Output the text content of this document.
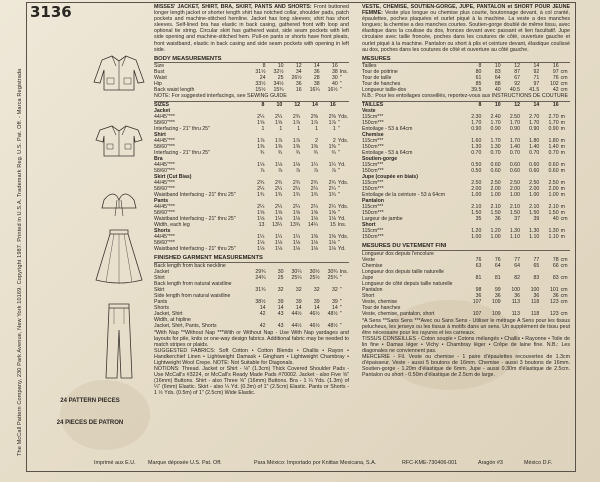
The McCall Pattern Company, 230 Park Avenue, New York 10169. Copyright 1987. Printed in U.S.A. Trademark Reg. U.S. Pat. Off. - Marca Registrada
3136	MISSES' JACKET, SHIRT, BRA, SKIRT, PANTS AND SHORTS: Front buttoned longer length jacket or shorter length shirt has notched collar, shoulder pads, patch pockets and machine-stitched hemline. Jacket has long sleeves; shirt has short sleeves. Self-lined bra has elastic in back casing, gathered front with loop and optional tie string. Circular skirt has gathered waist, side seam pockets with left side opening and machine-stitched hem. Pull-on pants or shorts have front pleats, front waistband, elastic in back casing and side seam pockets with opening in left side.

BODY MEASUREMENTS
Size	8	10	12	14	16	
Bust	31½	32½	34	36	38	Ins.
Waist	24	25	26½	28	30	"
Hip	33½	34½	36	38	40	"
Back waist length	15½	15¾	16	16¼	16½	"

NOTE: For suggested interfacings, see SEWING GUIDE

SIZES	8	10	12	14	16	
Jacket						
44/45"***	2¼	2¼	2¾	2⅜	2⅜	Yds.
58/60"***	1⅝	1⅝	1⅞	1⅞	1⅞	"
Interfacing - 21" thru 25"	1	1	1	1	1	"
Shirt						
44/45"***	1⅞	1⅞	1⅞	2	2	Yds.
58/60"***	1⅜	1⅜	1⅜	1⅜	1⅜	"
Interfacing - 21" thru 25"	¾	¾	¾	¾	¾	"
Bra						
44/45"***	1⅛	1⅛	1⅛	1¼	1¼	Yd.
58/60"***	⅞	⅞	⅞	⅞	⅞	"
Skirt (Cut Bias)						
44/45"***	2¾	2¾	2¾	2¾	2¾	Yds.
58/60"***	2¼	2¼	2¼	2¼	2¼	"
Waistband Interfacing - 21" thru 25"	1¾	1¾	1¾	1¾	1¾	"
Pants						
44/45"***	2¼	2¼	2¼	2¼	2¼	Yds.
58/60"***	1⅝	1⅝	1⅝	1⅝	1⅝	"
Waistband Interfacing - 21" thru 25"	1⅛	1⅛	1⅛	1⅛	1⅛	Yd.
Width, each leg	13	13¼	13¾	14¼	15	Ins.
Shorts						
44/45"***	1¼	1¼	1¼	1⅜	1⅜	Yds.
58/60"***	1⅛	1⅛	1⅛	1⅛	1⅛	"
Waistband Interfacing - 21" thru 25"	1⅛	1⅛	1⅛	1⅛	1⅛	Yd.
FINISHED GARMENT MEASUREMENTS
Back length from back neckline						
Jacket	29¾	30	30¼	30½	30¾	Ins.
Shirt	24¾	25	25¼	25½	25¾	"
Back length from natural waistline						
Skirt	31¾	32	32	32	32	"
Side length from natural waistline						
Pants	38½	39	39	39	39	"
Shorts	14	14	14	14	14	"
Jacket, Shirt	42	43	44½	46½	48½	"
Width, at hipline						
Jacket, Shirt, Pants, Shorts	42	43	44½	46½	48½	"

*With Nap **Without Nap ***With or Without Nap - Use With Nap yardages and layouts for pile, knits or one-way design fabrics. Additional fabric may be needed to match stripes or plaids.

SUGGESTED FABRICS: Soft Cotton • Cotton Blends • Challis • Rayon • Handkerchief Linen • Lightweight Damask • Gingham • Lightweight Chambray • Lightweight Wool Crepe. NOTE: Not Suitable for Diagonals.

NOTIONS: Thread. Jacket or Shirt - ⅛" (1.3cm) Thick Covered Shoulder Pads - Use McCall's #3224, or McCall's Ready Made Pads #70002. Jacket - also Five ⅝" (16mm) Buttons. Shirt - also Three ⅝" (16mm) Buttons. Bra - 1 ¼ Yds. (1.3m) of ¼" (6mm) Elastic. Skirt - also ¼ Yd. (0.3m) of 1" (2.5cm) Elastic. Pants or Shorts - 1 ½ Yds. (0.5m) of 1" (2.5cm) Wide Elastic.

VESTE, CHEMISE, SOUTIEN-GORGE, JUPE, PANTALON et SHORT POUR JEUNE FEMME: Veste plus longue ou chemise plus courte, boutonnage devant, à col cranté, épaulettes, poches plaquées et ourlet piqué à la machine. La veste a des manches longues; la chemise a des manches courtes. Soutien-gorge doublé de même tissu, avec élastique dans la coulisse du dos, fronces devant avec passant et lien facultatif. Jupe circulaire avec taille froncée, poches dans les coutures de côté, ouverture gauche et ourlet piqué à la machine. Pantalon ou short à plis et ceinture devant, élastique coulissé au dos, poches dans les coutures de côté et ouverture au côté gauche.

MESURES
Tailles	8	10	12	14	16	
Tour de poitrine	80	83	87	92	97	cm
Tour de taille	61	64	67	71	76	cm
Tour de hanches	85	88	92	97	102	cm
Longueur taille-dos	39.5	40	40.5	41.5	42	cm

N.B.: Pour les entoilages conseillés, reportez-vous aux INSTRUCTIONS DE COUTURE

TAILLES	8	10	12	14	16	
Veste						
115cm***	2.30	2.40	2.50	2.70	2.70	m
150cm***	1.70	1.70	1.70	1.70	1.70	m
Entoilage - 53 à 64cm	0.90	0.90	0.90	0.90	0.90	m
Chemise						
115cm***	1.60	1.70	1.70	1.80	1.80	m
150cm***	1.30	1.30	1.40	1.40	1.40	m
Entoilage - 53 à 64cm	0.70	0.70	0.70	0.70	0.70	m
Soutien-gorge						
115cm***	0.50	0.60	0.60	0.60	0.60	m
150cm***	0.50	0.60	0.60	0.60	0.60	m
Jupe (coupée en biais)						
115cm***	2.50	2.50	2.50	2.50	2.50	m
150cm***	2.00	2.00	2.00	2.00	2.00	m
Entoilage de la ceinture - 53 à 64cm	1.00	1.00	1.00	1.00	1.00	m
Pantalon						
115cm***	2.10	2.10	2.10	2.10	2.10	m
150cm***	1.50	1.50	1.50	1.50	1.50	m
Largeur de jambe	35	36	37	39	40	cm
Short						
115cm***	1.20	1.20	1.30	1.30	1.30	m
150cm***	1.00	1.00	1.10	1.10	1.10	m
MESURES DU VETEMENT FINI
Longueur dos depuis l'encolure						
Veste	76	76	77	77	78	cm
Chemise	63	64	64	65	66	cm
Longueur dos depuis taille naturelle						
Jupe	81	81	82	83	83	cm
Longueur de côté depuis taille naturelle						
Pantalon	98	99	100	100	101	cm
Short	36	36	36	36	36	cm
Veste, chemise	107	109	113	118	123	cm
Tour de hanches						
Veste, chemise, pantalon, short	107	109	113	118	123	cm

*A Sens **Sans Sens ***Avec ou Sans Sens - Utiliser le métrage A Sens pour les tissus pelucheux, les jerseys ou les tissus à motifs dans un sens. Un supplément de tissu peut être nécessaire pour les rayures et les carreaux.

TISSUS CONSEILLES - Coton souple • Cotons mélangés • Challis • Rayonne • Toile de lin fine • Damas léger • Vichy • Chambray léger • Crêpe de laine fine. N.B.: Les diagonales ne conviennent pas.

MERCERIE - Fil. Veste ou chemise - 1 paire d'épaulettes recouvertes de 1.3cm d'épaisseur. Veste - aussi 5 boutons de 16mm. Chemise - aussi 3 boutons de 16mm. Soutien-gorge - 1.20m d'élastique de 6mm. Jupe - aussi 0.30m d'élastique de 2.5cm. Pantalon ou short - 0.50m d'élastique de 2.5cm de large.

24 PATTERN PIECES
24 PIECES DE PATRON
Imprimé aux E.U. Marque déposée U.S. Pat. Off.	Para México: Importado por Knittax Mexicana, S.A.	RFC-KME-730406-001	Aragón #3	México D.F.
